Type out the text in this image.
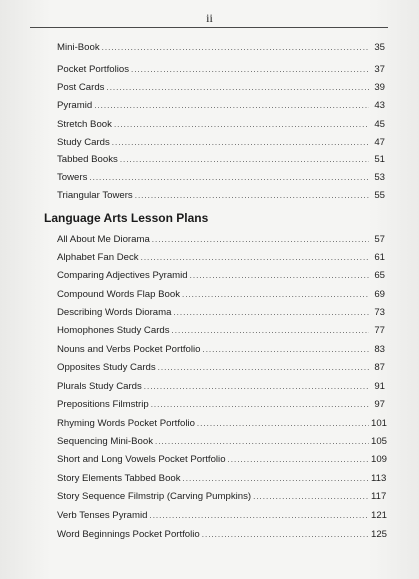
ii
Mini-Book .....	35
Pocket Portfolios .....	37
Post Cards .....	39
Pyramid .....	43
Stretch Book .....	45
Study Cards .....	47
Tabbed Books .....	51
Towers .....	53
Triangular Towers .....	55
Language Arts Lesson Plans
All About Me Diorama .....	57
Alphabet Fan Deck .....	61
Comparing Adjectives Pyramid .....	65
Compound Words Flap Book .....	69
Describing Words Diorama .....	73
Homophones Study Cards .....	77
Nouns and Verbs Pocket Portfolio .....	83
Opposites Study Cards .....	87
Plurals Study Cards .....	91
Prepositions Filmstrip .....	97
Rhyming Words Pocket Portfolio .....	101
Sequencing Mini-Book .....	105
Short and Long Vowels Pocket Portfolio .....	109
Story Elements Tabbed Book .....	113
Story Sequence Filmstrip (Carving Pumpkins) .....	117
Verb Tenses Pyramid .....	121
Word Beginnings Pocket Portfolio .....	125
